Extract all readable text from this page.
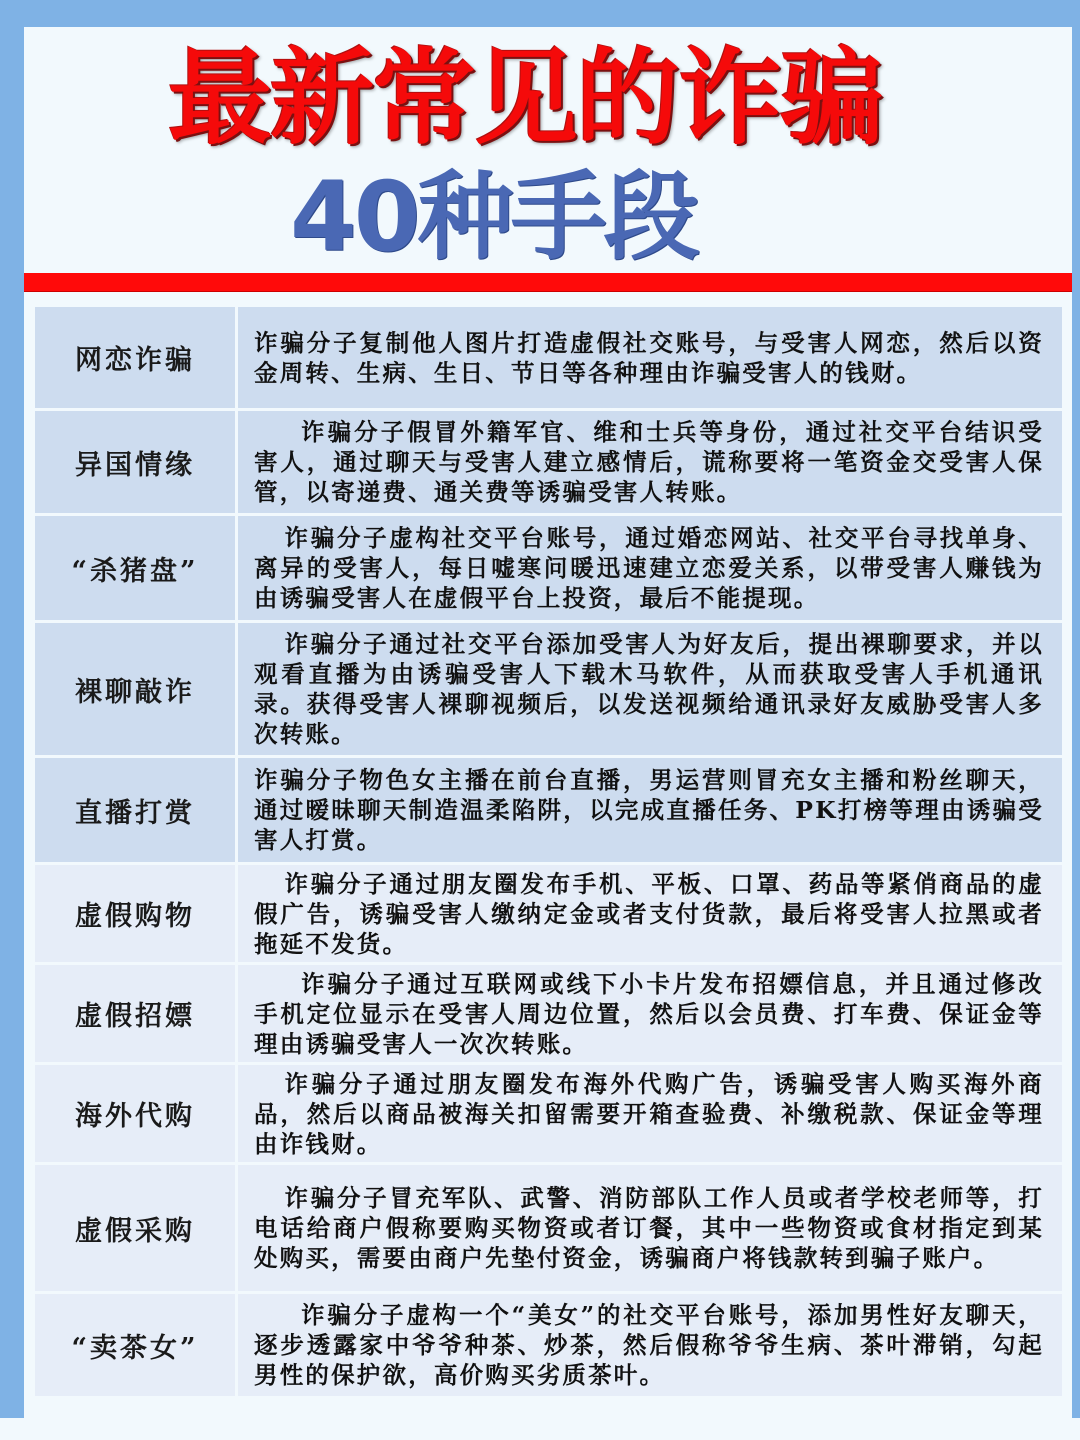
最新常见的诈骗
40种手段
网恋诈骗
诈骗分子复制他人图片打造虚假社交账号，与受害人网恋，然后以资金周转、生病、生日、节日等各种理由诈骗受害人的钱财。
异国情缘
诈骗分子假冒外籍军官、维和士兵等身份，通过社交平台结识受害人，通过聊天与受害人建立感情后，谎称要将一笔资金交受害人保管，以寄递费、通关费等诱骗受害人转账。
“杀猪盘”
诈骗分子虚构社交平台账号，通过婚恋网站、社交平台寻找单身、离异的受害人，每日嘘寒问暖迅速建立恋爱关系，以带受害人赚钱为由诱骗受害人在虚假平台上投资，最后不能提现。
裸聊敲诈
诈骗分子通过社交平台添加受害人为好友后，提出裸聊要求，并以观看直播为由诱骗受害人下载木马软件，从而获取受害人手机通讯录。获得受害人裸聊视频后，以发送视频给通讯录好友威胁受害人多次转账。
直播打赏
诈骗分子物色女主播在前台直播，男运营则冒充女主播和粉丝聊天，通过暧昧聊天制造温柔陷阱，以完成直播任务、PK打榜等理由诱骗受害人打赏。
虚假购物
诈骗分子通过朋友圈发布手机、平板、口罩、药品等紧俏商品的虚假广告，诱骗受害人缴纳定金或者支付货款，最后将受害人拉黑或者拖延不发货。
虚假招嫖
诈骗分子通过互联网或线下小卡片发布招嫖信息，并且通过修改手机定位显示在受害人周边位置，然后以会员费、打车费、保证金等理由诱骗受害人一次次转账。
海外代购
诈骗分子通过朋友圈发布海外代购广告，诱骗受害人购买海外商品，然后以商品被海关扣留需要开箱查验费、补缴税款、保证金等理由诈钱财。
虚假采购
诈骗分子冒充军队、武警、消防部队工作人员或者学校老师等，打电话给商户假称要购买物资或者订餐，其中一些物资或食材指定到某处购买，需要由商户先垫付资金，诱骗商户将钱款转到骗子账户。
“卖茶女”
诈骗分子虚构一个“美女”的社交平台账号，添加男性好友聊天，逐步透露家中爷爷种茶、炒茶，然后假称爷爷生病、茶叶滞销，勾起男性的保护欲，高价购买劣质茶叶。
